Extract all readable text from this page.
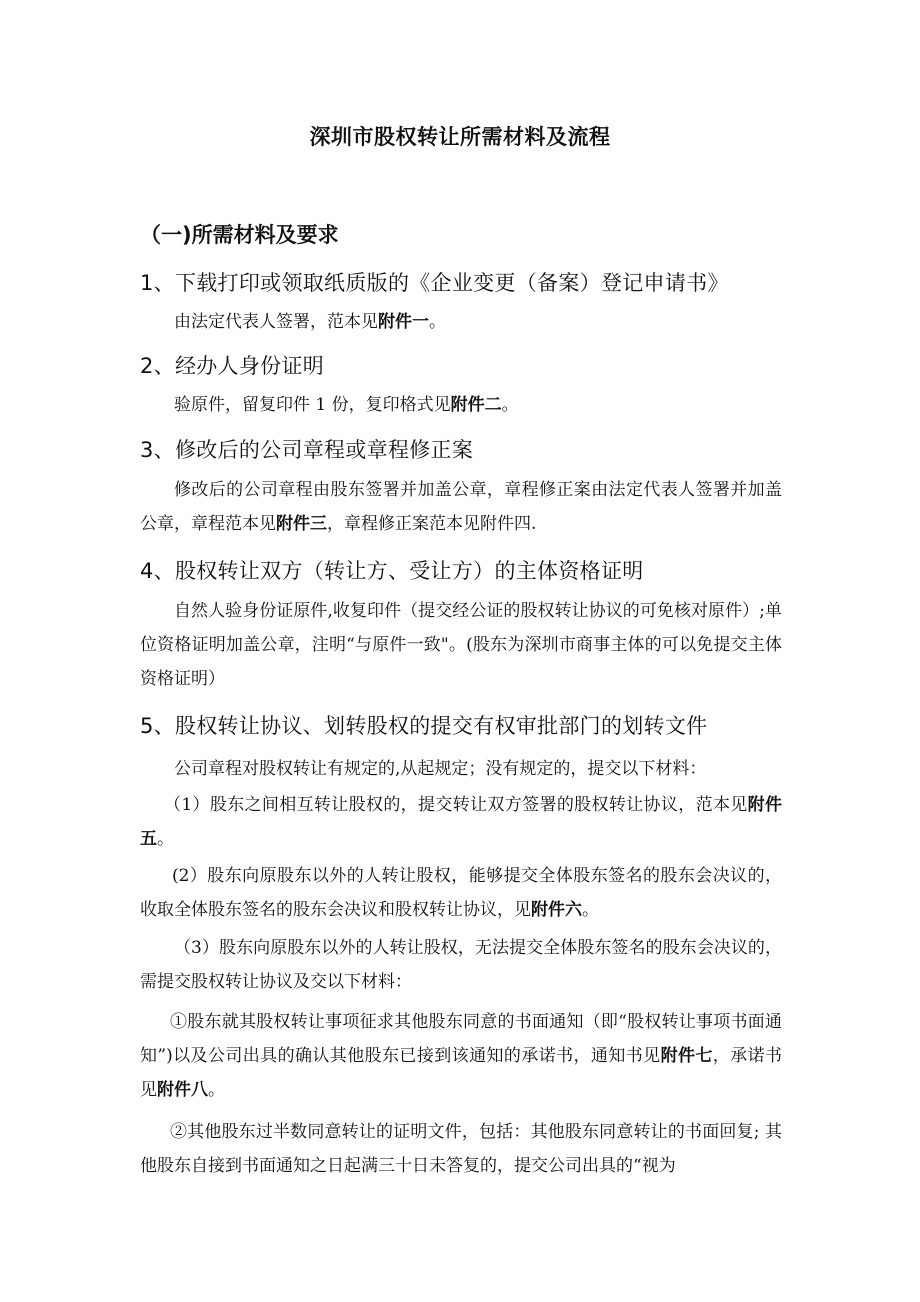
深圳市股权转让所需材料及流程
（一)所需材料及要求
1、下载打印或领取纸质版的《企业变更（备案）登记申请书》
由法定代表人签署，范本见附件一。
2、经办人身份证明
验原件，留复印件 1 份，复印格式见附件二。
3、修改后的公司章程或章程修正案
修改后的公司章程由股东签署并加盖公章，章程修正案由法定代表人签署并加盖公章，章程范本见附件三，章程修正案范本见附件四.
4、股权转让双方（转让方、受让方）的主体资格证明
自然人验身份证原件,收复印件（提交经公证的股权转让协议的可免核对原件）;单位资格证明加盖公章，注明“与原件一致"。(股东为深圳市商事主体的可以免提交主体资格证明）
5、股权转让协议、划转股权的提交有权审批部门的划转文件
公司章程对股权转让有规定的,从起规定；没有规定的，提交以下材料：
（1）股东之间相互转让股权的，提交转让双方签署的股权转让协议，范本见附件五。
(2）股东向原股东以外的人转让股权，能够提交全体股东签名的股东会决议的，收取全体股东签名的股东会决议和股权转让协议，见附件六。
（3）股东向原股东以外的人转让股权，无法提交全体股东签名的股东会决议的，需提交股权转让协议及交以下材料：
①股东就其股权转让事项征求其他股东同意的书面通知（即“股权转让事项书面通知”)以及公司出具的确认其他股东已接到该通知的承诺书，通知书见附件七，承诺书见附件八。
②其他股东过半数同意转让的证明文件，包括：其他股东同意转让的书面回复; 其他股东自接到书面通知之日起满三十日未答复的，提交公司出具的“视为
